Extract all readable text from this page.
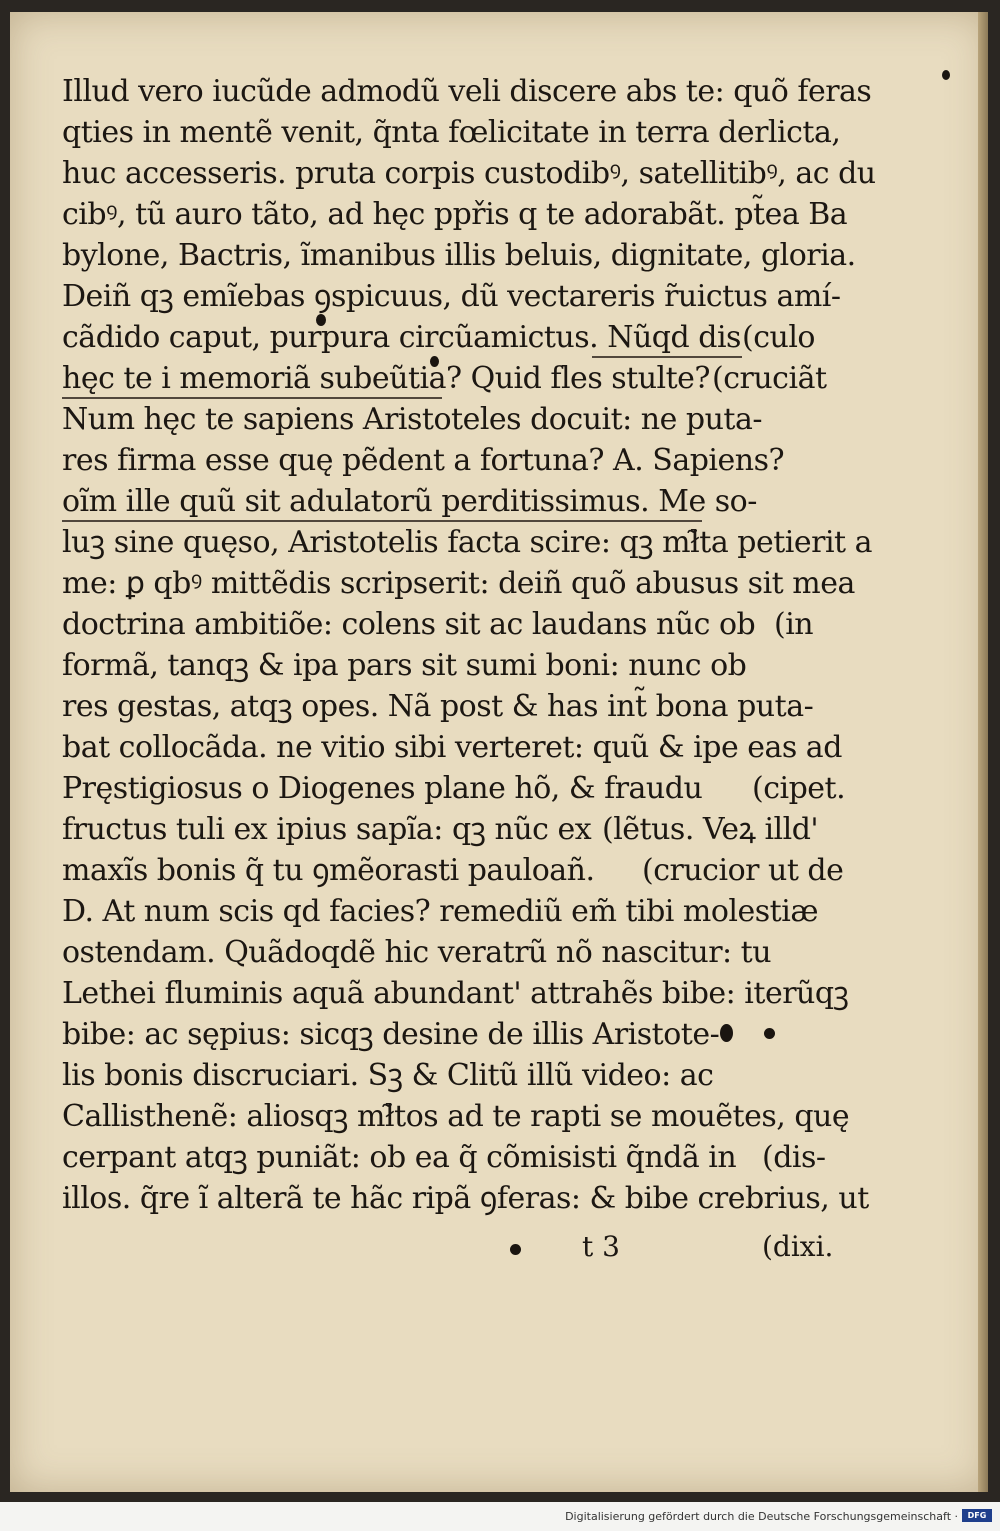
Illud vero iucũde admodũ veli discere abs te: quõ feras
qties in mentẽ venit, q̃nta fœlicitate in terra derlicta,
huc accesseris. pruta corpis custodibꝰ, satellitibꝰ, ac du
cibꝰ, tũ auro tãto, ad hęc ppřis q te adorabãt. pt̃ea Ba
bylone, Bactris, ĩmanibus illis beluis, dignitate, gloria.
Deiñ qꝫ emĩebas ꝯspicuus, dũ vectareris r̃uictus amí-
cãdido caput, purpura circũamictus. Nũqd dis (culo
hęc te i memoriã subeũtia? Quid fles stulte? (cruciãt
Num hęc te sapiens Aristoteles docuit: ne puta-
res firma esse quę pẽdent a fortuna? A. Sapiens?
oĩm ille quũ sit adulatorũ perditissimus. Me so-
luꝫ sine quęso, Aristotelis facta scire: qꝫ mł̃ta petierit a
me: ꝑ qbꝰ mittẽdis scripserit: deiñ quõ abusus sit mea
doctrina ambitiõe: colens sit ac laudans nũc ob (in
formã, tanqꝫ & ipa pars sit sumi boni: nunc ob
res gestas, atqꝫ opes. Nã post & has int̃ bona puta-
bat collocãda. ne vitio sibi verteret: quũ & ipe eas ad
Pręstigiosus o Diogenes plane hõ, & fraudu (cipet.
fructus tuli ex ipius sapĩa: qꝫ nũc ex (lẽtus. Veꝝ illd'
maxĩs bonis q̃ tu ꝯmẽorasti pauloañ. (crucior ut de
D. At num scis qd facies? remediũ em̃ tibi molestiæ
ostendam. Quãdoqdẽ hic veratrũ nõ nascitur: tu
Lethei fluminis aquã abundant' attrahẽs bibe: iterũqꝫ
bibe: ac sępius: sicqꝫ desine de illis Aristote-
lis bonis discruciari. Sꝫ & Clitũ illũ video: ac
Callisthenẽ: aliosqꝫ mł̃tos ad te rapti se mouẽtes, quę
cerpant atqꝫ puniãt: ob ea q̃ cõmisisti q̃ndã in (dis-
illos. q̃re ĩ alterã te hãc ripã ꝯferas: & bibe crebrius, ut
t 3	(dixi.
Digitalisierung gefördert durch die Deutsche Forschungsgemeinschaft ·	DFG
